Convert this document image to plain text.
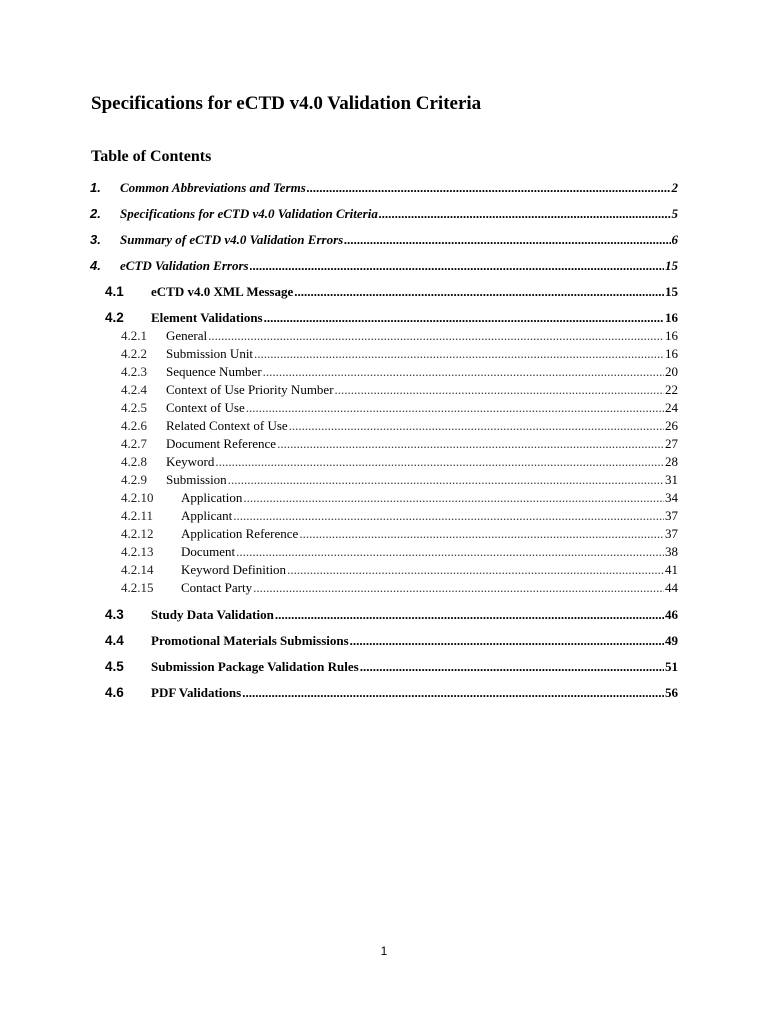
Specifications for eCTD v4.0 Validation Criteria
Table of Contents
1.	Common Abbreviations and Terms .....	2
2.	Specifications for eCTD v4.0 Validation Criteria .....	5
3.	Summary of eCTD v4.0 Validation Errors .....	6
4.	eCTD Validation Errors .....	15
4.1	eCTD v4.0 XML Message .....	15
4.2	Element Validations .....	16
4.2.1	General .....	16
4.2.2	Submission Unit .....	16
4.2.3	Sequence Number .....	20
4.2.4	Context of Use Priority Number .....	22
4.2.5	Context of Use .....	24
4.2.6	Related Context of Use .....	26
4.2.7	Document Reference .....	27
4.2.8	Keyword .....	28
4.2.9	Submission .....	31
4.2.10	Application .....	34
4.2.11	Applicant .....	37
4.2.12	Application Reference .....	37
4.2.13	Document .....	38
4.2.14	Keyword Definition .....	41
4.2.15	Contact Party .....	44
4.3	Study Data Validation .....	46
4.4	Promotional Materials Submissions .....	49
4.5	Submission Package Validation Rules .....	51
4.6	PDF Validations .....	56
1
